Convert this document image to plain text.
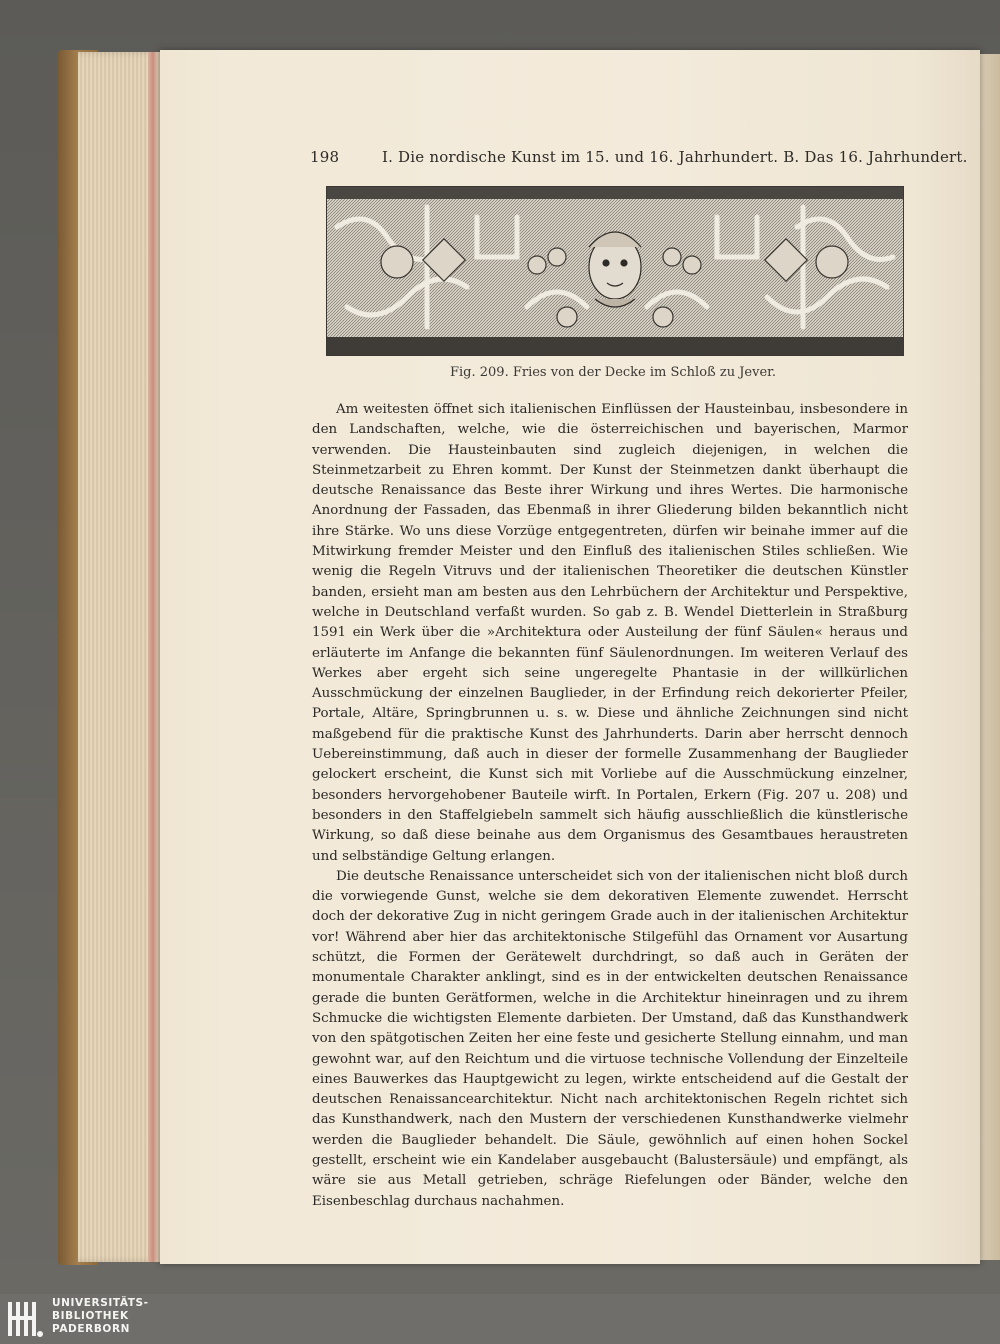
198	I. Die nordische Kunst im 15. und 16. Jahrhundert. B. Das 16. Jahrhundert.
Fig. 209. Fries von der Decke im Schloß zu Jever.

Am weitesten öffnet sich italienischen Einflüssen der Hausteinbau, insbesondere in den Landschaften, welche, wie die österreichischen und bayerischen, Marmor verwenden. Die Hausteinbauten sind zugleich diejenigen, in welchen die Steinmetzarbeit zu Ehren kommt. Der Kunst der Steinmetzen dankt überhaupt die deutsche Renaissance das Beste ihrer Wirkung und ihres Wertes. Die harmonische Anordnung der Fassaden, das Ebenmaß in ihrer Gliederung bilden bekanntlich nicht ihre Stärke. Wo uns diese Vorzüge entgegentreten, dürfen wir beinahe immer auf die Mitwirkung fremder Meister und den Einfluß des italienischen Stiles schließen. Wie wenig die Regeln Vitruvs und der italienischen Theoretiker die deutschen Künstler banden, ersieht man am besten aus den Lehrbüchern der Architektur und Perspektive, welche in Deutschland verfaßt wurden. So gab z. B. Wendel Dietterlein in Straßburg 1591 ein Werk über die »Architektura oder Austeilung der fünf Säulen« heraus und erläuterte im Anfange die bekannten fünf Säulenordnungen. Im weiteren Verlauf des Werkes aber ergeht sich seine ungeregelte Phantasie in der willkürlichen Ausschmückung der einzelnen Bauglieder, in der Erfindung reich dekorierter Pfeiler, Portale, Altäre, Springbrunnen u. s. w. Diese und ähnliche Zeichnungen sind nicht maßgebend für die praktische Kunst des Jahrhunderts. Darin aber herrscht dennoch Uebereinstimmung, daß auch in dieser der formelle Zusammenhang der Bauglieder gelockert erscheint, die Kunst sich mit Vorliebe auf die Ausschmückung einzelner, besonders hervorgehobener Bauteile wirft. In Portalen, Erkern (Fig. 207 u. 208) und besonders in den Staffelgiebeln sammelt sich häufig ausschließlich die künstlerische Wirkung, so daß diese beinahe aus dem Organismus des Gesamtbaues heraustreten und selbständige Geltung erlangen.

Die deutsche Renaissance unterscheidet sich von der italienischen nicht bloß durch die vorwiegende Gunst, welche sie dem dekorativen Elemente zuwendet. Herrscht doch der dekorative Zug in nicht geringem Grade auch in der italienischen Architektur vor! Während aber hier das architektonische Stilgefühl das Ornament vor Ausartung schützt, die Formen der Gerätewelt durchdringt, so daß auch in Geräten der monumentale Charakter anklingt, sind es in der entwickelten deutschen Renaissance gerade die bunten Gerätformen, welche in die Architektur hineinragen und zu ihrem Schmucke die wichtigsten Elemente darbieten. Der Umstand, daß das Kunsthandwerk von den spätgotischen Zeiten her eine feste und gesicherte Stellung einnahm, und man gewohnt war, auf den Reichtum und die virtuose technische Vollendung der Einzelteile eines Bauwerkes das Hauptgewicht zu legen, wirkte entscheidend auf die Gestalt der deutschen Renaissancearchitektur. Nicht nach architektonischen Regeln richtet sich das Kunsthandwerk, nach den Mustern der verschiedenen Kunsthandwerke vielmehr werden die Bauglieder behandelt. Die Säule, gewöhnlich auf einen hohen Sockel gestellt, erscheint wie ein Kandelaber ausgebaucht (Balustersäule) und empfängt, als wäre sie aus Metall getrieben, schräge Riefelungen oder Bänder, welche den Eisenbeschlag durchaus nachahmen.

UNIVERSITÄTS-
BIBLIOTHEK
PADERBORN
